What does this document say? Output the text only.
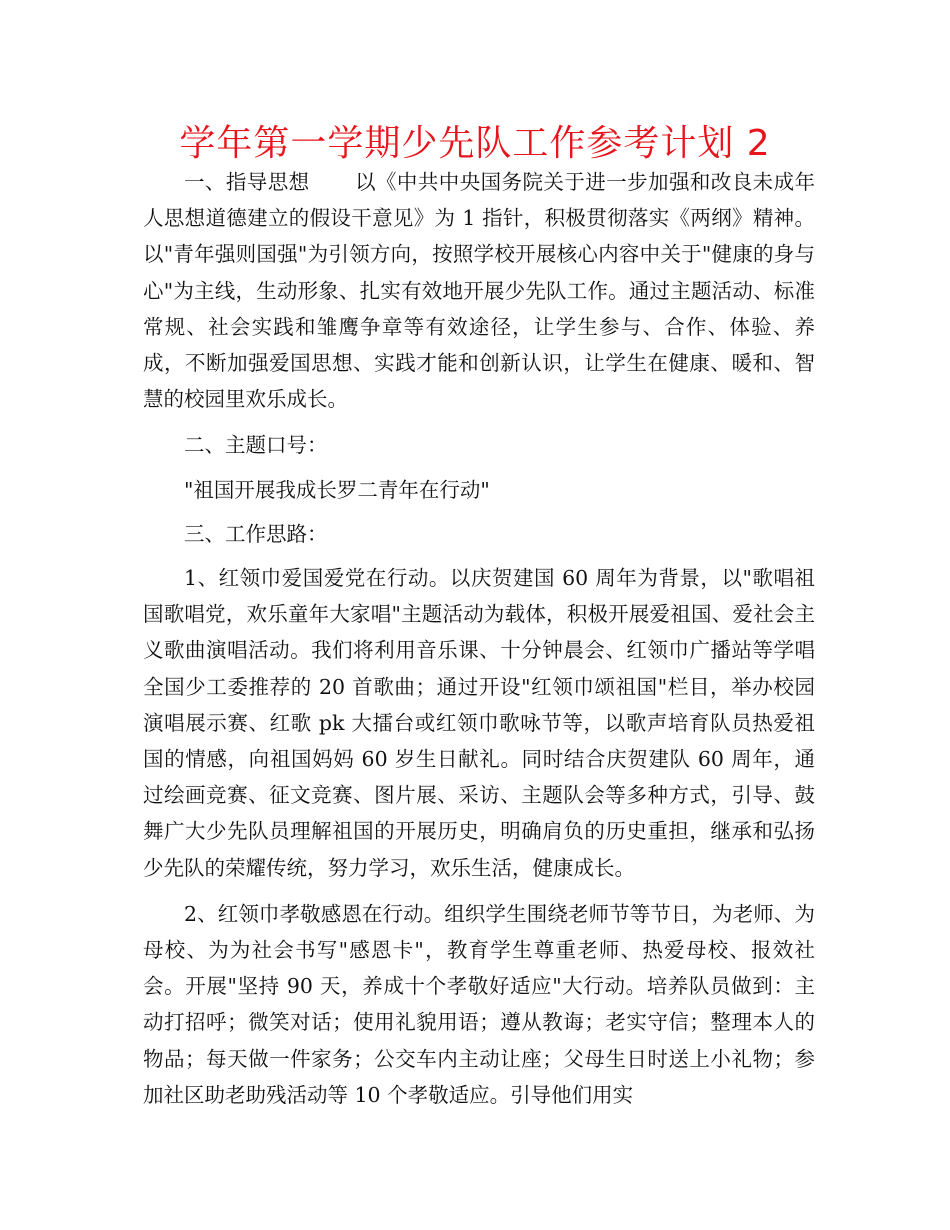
学年第一学期少先队工作参考计划 2

一、指导思想 以《中共中央国务院关于进一步加强和改良未成年人思想道德建立的假设干意见》为 1 指针，积极贯彻落实《两纲》精神。以"青年强则国强"为引领方向，按照学校开展核心内容中关于"健康的身与心"为主线，生动形象、扎实有效地开展少先队工作。通过主题活动、标准常规、社会实践和雏鹰争章等有效途径，让学生参与、合作、体验、养成，不断加强爱国思想、实践才能和创新认识，让学生在健康、暖和、智慧的校园里欢乐成长。

二、主题口号：

"祖国开展我成长罗二青年在行动"

三、工作思路：

1、红领巾爱国爱党在行动。以庆贺建国 60 周年为背景，以"歌唱祖国歌唱党，欢乐童年大家唱"主题活动为载体，积极开展爱祖国、爱社会主义歌曲演唱活动。我们将利用音乐课、十分钟晨会、红领巾广播站等学唱全国少工委推荐的 20 首歌曲；通过开设"红领巾颂祖国"栏目，举办校园演唱展示赛、红歌 pk 大擂台或红领巾歌咏节等，以歌声培育队员热爱祖国的情感，向祖国妈妈 60 岁生日献礼。同时结合庆贺建队 60 周年，通过绘画竞赛、征文竞赛、图片展、采访、主题队会等多种方式，引导、鼓舞广大少先队员理解祖国的开展历史，明确肩负的历史重担，继承和弘扬少先队的荣耀传统，努力学习，欢乐生活，健康成长。

2、红领巾孝敬感恩在行动。组织学生围绕老师节等节日，为老师、为母校、为为社会书写"感恩卡"，教育学生尊重老师、热爱母校、报效社会。开展"坚持 90 天，养成十个孝敬好适应"大行动。培养队员做到：主动打招呼；微笑对话；使用礼貌用语；遵从教诲；老实守信；整理本人的物品；每天做一件家务；公交车内主动让座；父母生日时送上小礼物；参加社区助老助残活动等 10 个孝敬适应。引导他们用实
